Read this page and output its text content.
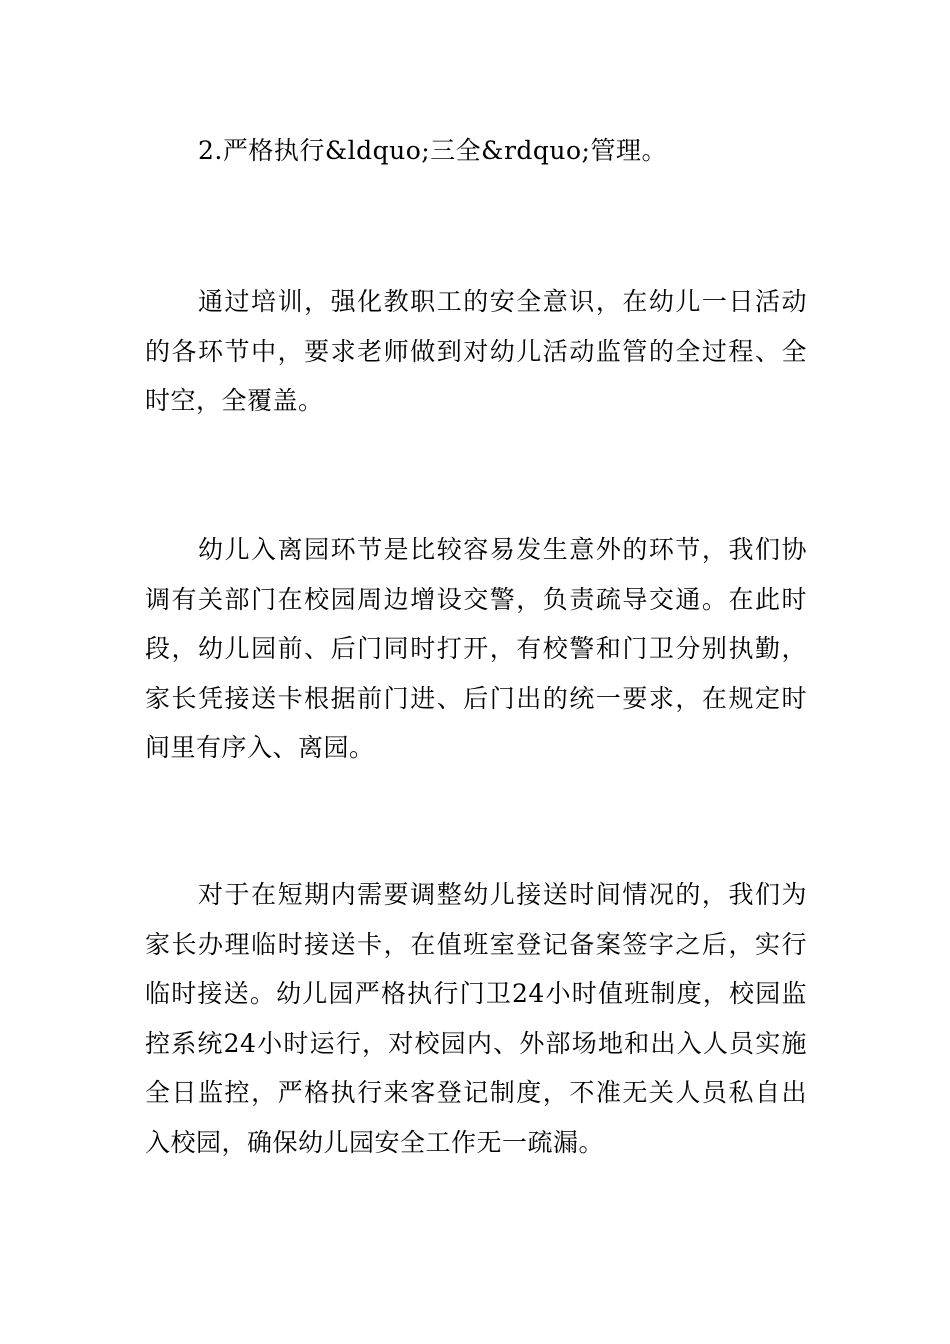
2.严格执行&ldquo;三全&rdquo;管理。

通过培训，强化教职工的安全意识，在幼儿一日活动的各环节中，要求老师做到对幼儿活动监管的全过程、全时空，全覆盖。

幼儿入离园环节是比较容易发生意外的环节，我们协调有关部门在校园周边增设交警，负责疏导交通。在此时段，幼儿园前、后门同时打开，有校警和门卫分别执勤，家长凭接送卡根据前门进、后门出的统一要求，在规定时间里有序入、离园。

对于在短期内需要调整幼儿接送时间情况的，我们为家长办理临时接送卡，在值班室登记备案签字之后，实行临时接送。幼儿园严格执行门卫24小时值班制度，校园监控系统24小时运行，对校园内、外部场地和出入人员实施全日监控，严格执行来客登记制度，不准无关人员私自出入校园，确保幼儿园安全工作无一疏漏。
